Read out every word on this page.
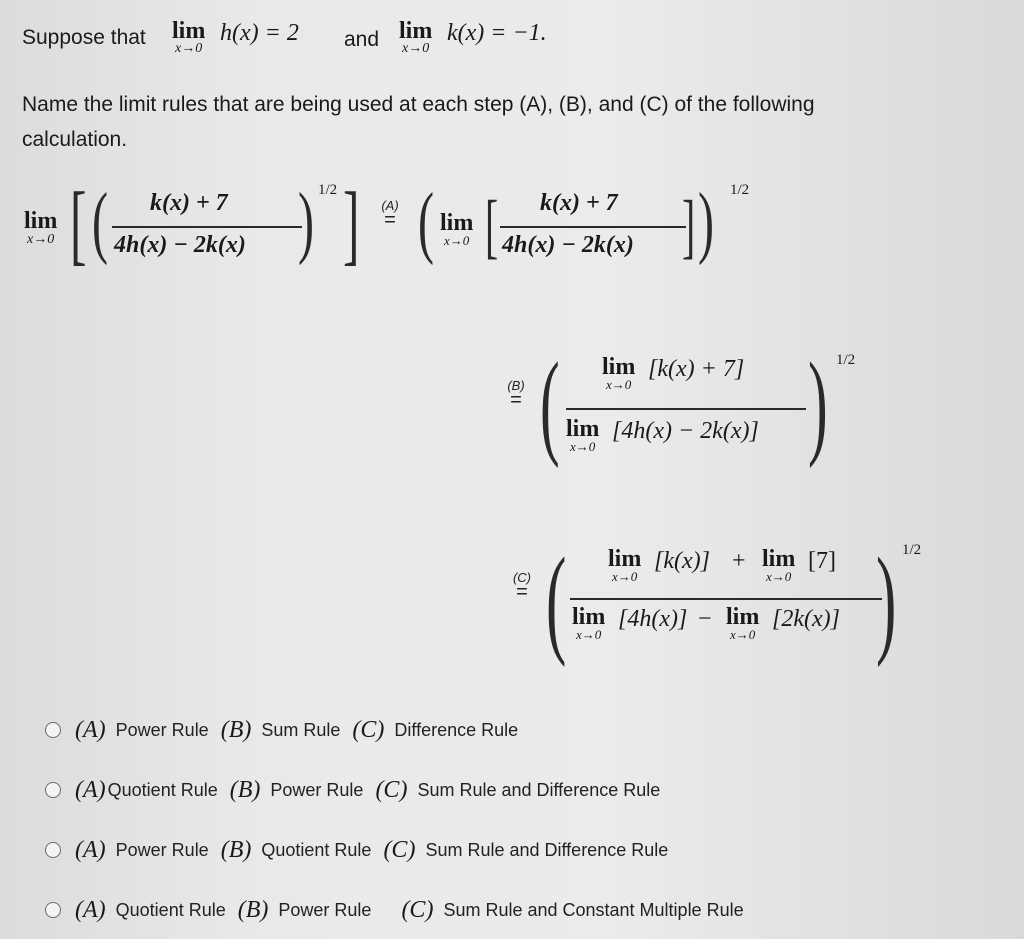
Suppose that lim
x→0
h(x) = 2 and lim
x→0
k(x) = −1.
Name the limit rules that are being used at each step (A), (B), and (C) of the following
calculation.
lim
x→0 [ ( k(x) + 7
4h(x) − 2k(x) ) 1/2 ]	(A)
= ( lim
x→0 [ k(x) + 7
4h(x) − 2k(x) ] ) 1/2
(B)
= ( lim
x→0
[k(x) + 7]
lim
x→0
[4h(x) − 2k(x)] ) 1/2
(C)
= ( lim
x→0
[k(x)] + lim
x→0
[7]
lim
x→0
[4h(x)] − lim
x→0
[2k(x)] ) 1/2
(A) Power Rule (B) Sum Rule (C) Difference Rule
(A) Quotient Rule (B) Power Rule (C) Sum Rule and Difference Rule
(A) Power Rule (B) Quotient Rule (C) Sum Rule and Difference Rule
(A) Quotient Rule (B) Power Rule (C) Sum Rule and Constant Multiple Rule
